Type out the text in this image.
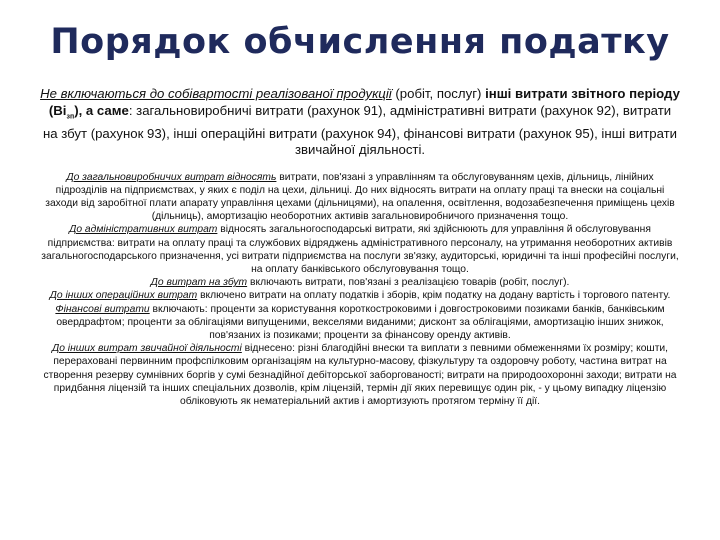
Порядок обчислення податку
Не включаються до собівартості реалізованої продукції (робіт, послуг) інші витрати звітного періоду $(Ві_{зп})$, а саме: загальновиробничі витрати (рахунок 91), адміністративні витрати (рахунок 92), витрати на збут (рахунок 93), інші операційні витрати (рахунок 94), фінансові витрати (рахунок 95), інші витрати звичайної діяльності.

До загальновиробничих витрат відносять витрати, пов'язані з управлінням та обслуговуванням цехів, дільниць, лінійних підрозділів на підприємствах, у яких є поділ на цехи, дільниці. До них відносять витрати на оплату праці та внески на соціальні заходи від заробітної плати апарату управління цехами (дільницями), на опалення, освітлення, водозабезпечення приміщень цехів (дільниць), амортизацію необоротних активів загальновиробничого призначення тощо.

До адміністративних витрат відносять загальногосподарські витрати, які здійснюють для управління й обслуговування підприємства: витрати на оплату праці та службових відряджень адміністративного персоналу, на утримання необоротних активів загальногосподарського призначення, усі витрати підприємства на послуги зв'язку, аудиторські, юридичні та інші професійні послуги, на оплату банківського обслуговування тощо.

До витрат на збут включають витрати, пов'язані з реалізацією товарів (робіт, послуг).

До інших операційних витрат включено витрати на оплату податків і зборів, крім податку на додану вартість і торгового патенту.

Фінансові витрати включають: проценти за користування короткостроковими і довгостроковими позиками банків, банківським овердрафтом; проценти за облігаціями випущеними, векселями виданими; дисконт за облігаціями, амортизацію інших знижок, пов'язаних із позиками; проценти за фінансову оренду активів.

До інших витрат звичайної діяльності віднесено: різні благодійні внески та виплати з певними обмеженнями їх розміру; кошти, перераховані первинним профспілковим організаціям на культурно-масову, фізкультуру та оздоровчу роботу, частина витрат на створення резерву сумнівних боргів у сумі безнадійної дебіторської заборгованості; витрати на природоохоронні заходи; витрати на придбання ліцензій та інших спеціальних дозволів, крім ліцензій, термін дії яких перевищує один рік, - у цьому випадку ліцензію обліковують як нематеріальний актив і амортизують протягом терміну її дії.
